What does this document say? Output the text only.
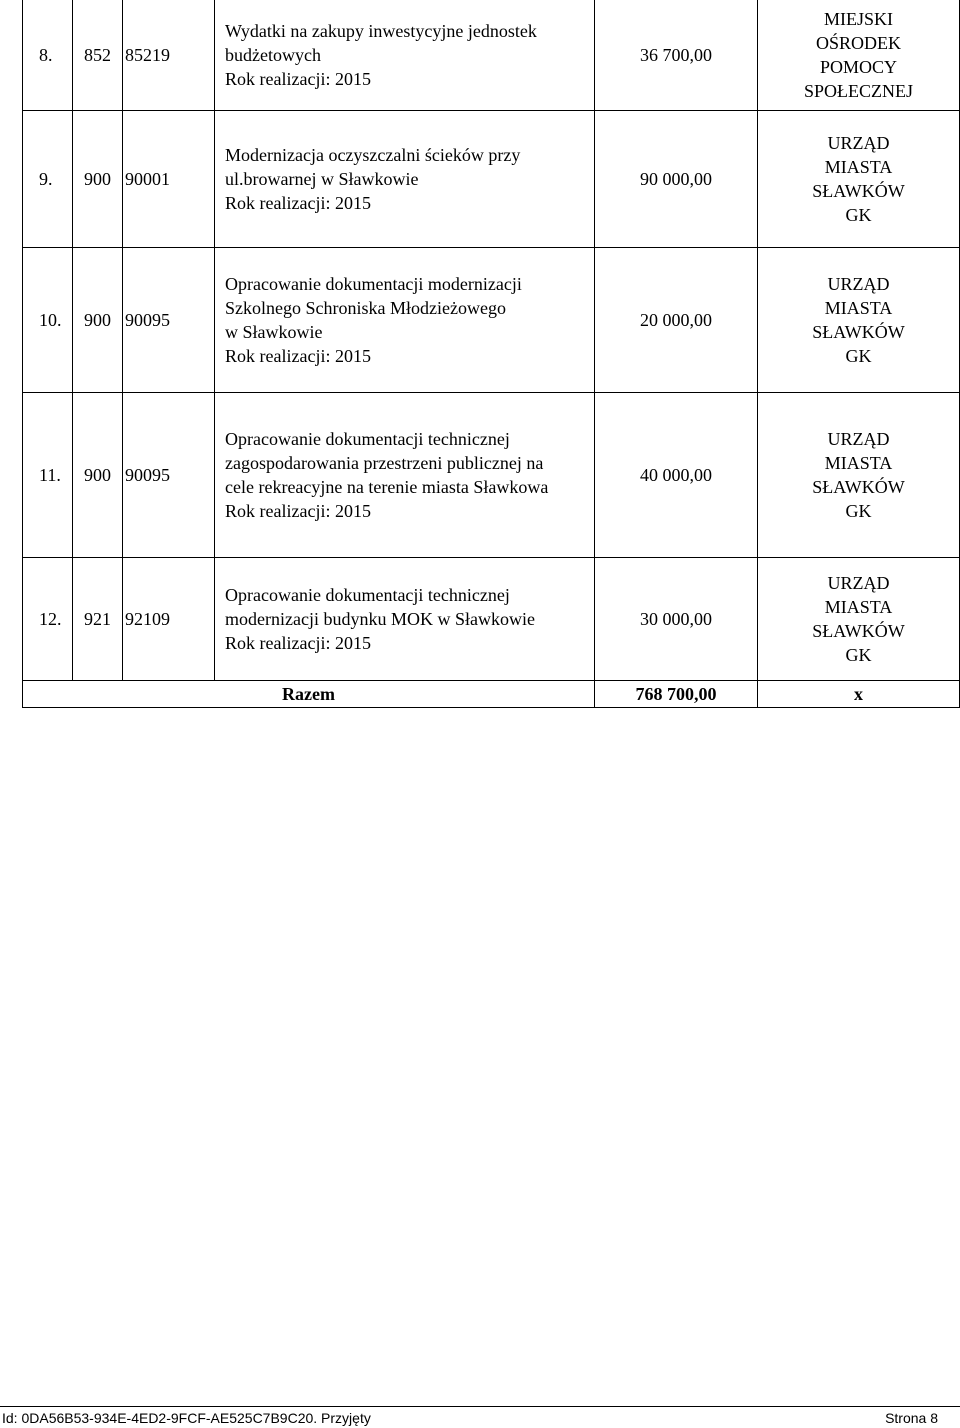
8.	852	85219	Wydatki na zakupy inwestycyjne jednostek
budżetowych
Rok realizacji: 2015	36 700,00	MIEJSKI
OŚRODEK
POMOCY
SPOŁECZNEJ

9.	900	90001	Modernizacja oczyszczalni ścieków przy
ul.browarnej w Sławkowie
Rok realizacji: 2015	90 000,00	URZĄD
MIASTA
SŁAWKÓW
GK

10.	900	90095	Opracowanie dokumentacji modernizacji
Szkolnego Schroniska Młodzieżowego
w Sławkowie
Rok realizacji: 2015	20 000,00	URZĄD
MIASTA
SŁAWKÓW
GK

11.	900	90095	Opracowanie dokumentacji technicznej
zagospodarowania przestrzeni publicznej na
cele rekreacyjne na terenie miasta Sławkowa
Rok realizacji: 2015	40 000,00	URZĄD
MIASTA
SŁAWKÓW
GK

12.	921	92109	Opracowanie dokumentacji technicznej
modernizacji budynku MOK w Sławkowie
Rok realizacji: 2015	30 000,00	URZĄD
MIASTA
SŁAWKÓW
GK

Razem				768 700,00	x
Id: 0DA56B53-934E-4ED2-9FCF-AE525C7B9C20. Przyjęty	Strona 8
